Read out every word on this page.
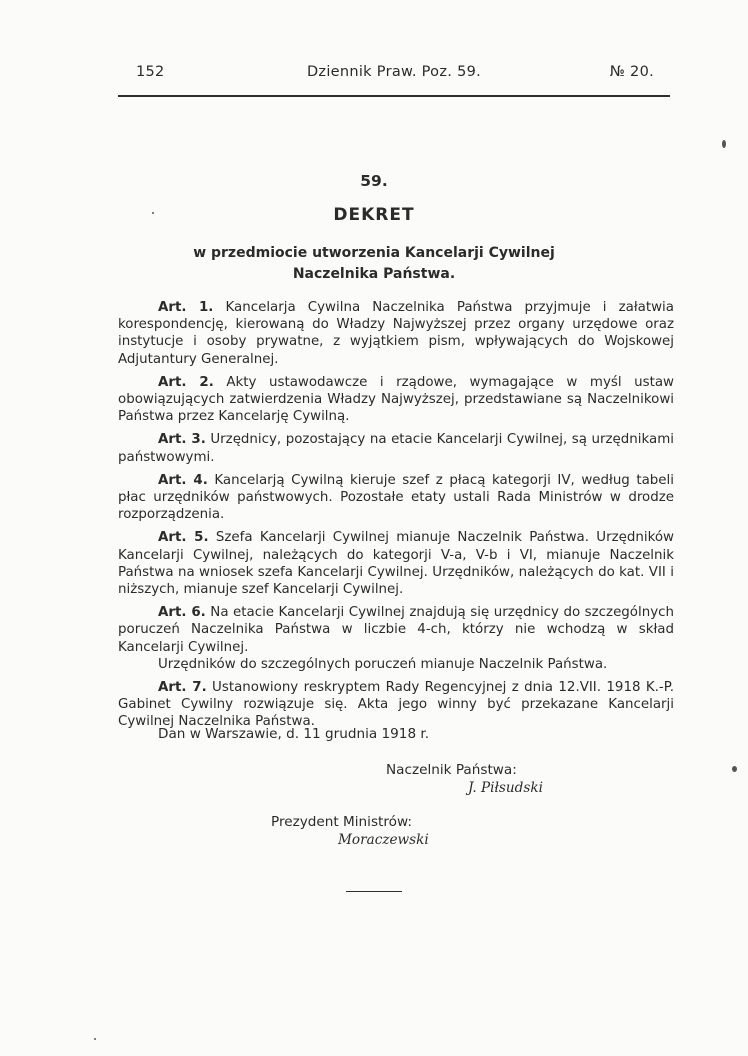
152	Dziennik Praw. Poz. 59.	№ 20.
59.
DEKRET
w przedmiocie utworzenia Kancelarji Cywilnej
Naczelnika Państwa.

Art. 1. Kancelarja Cywilna Naczelnika Państwa przyjmuje i załatwia korespondencję, kierowaną do Władzy Najwyższej przez organy urzędowe oraz instytucje i osoby prywatne, z wyjątkiem pism, wpływających do Wojskowej Adjutantury Generalnej.

Art. 2. Akty ustawodawcze i rządowe, wymagające w myśl ustaw obowiązujących zatwierdzenia Władzy Najwyższej, przedstawiane są Naczelnikowi Państwa przez Kancelarję Cywilną.

Art. 3. Urzędnicy, pozostający na etacie Kancelarji Cywilnej, są urzędnikami państwowymi.

Art. 4. Kancelarją Cywilną kieruje szef z płacą kategorji IV, według tabeli płac urzędników państwowych. Pozostałe etaty ustali Rada Ministrów w drodze rozporządzenia.

Art. 5. Szefa Kancelarji Cywilnej mianuje Naczelnik Państwa. Urzędników Kancelarji Cywilnej, należących do kategorji V-a, V-b i VI, mianuje Naczelnik Państwa na wniosek szefa Kancelarji Cywilnej. Urzędników, należących do kat. VII i niższych, mianuje szef Kancelarji Cywilnej.

Art. 6. Na etacie Kancelarji Cywilnej znajdują się urzędnicy do szczególnych poruczeń Naczelnika Państwa w liczbie 4-ch, którzy nie wchodzą w skład Kancelarji Cywilnej.

Urzędników do szczególnych poruczeń mianuje Naczelnik Państwa.

Art. 7. Ustanowiony reskryptem Rady Regencyjnej z dnia 12.VII. 1918 K.-P. Gabinet Cywilny rozwiązuje się. Akta jego winny być przekazane Kancelarji Cywilnej Naczelnika Państwa.

Dan w Warszawie, d. 11 grudnia 1918 r.
Naczelnik Państwa:
J. Piłsudski
Prezydent Ministrów:
Moraczewski
